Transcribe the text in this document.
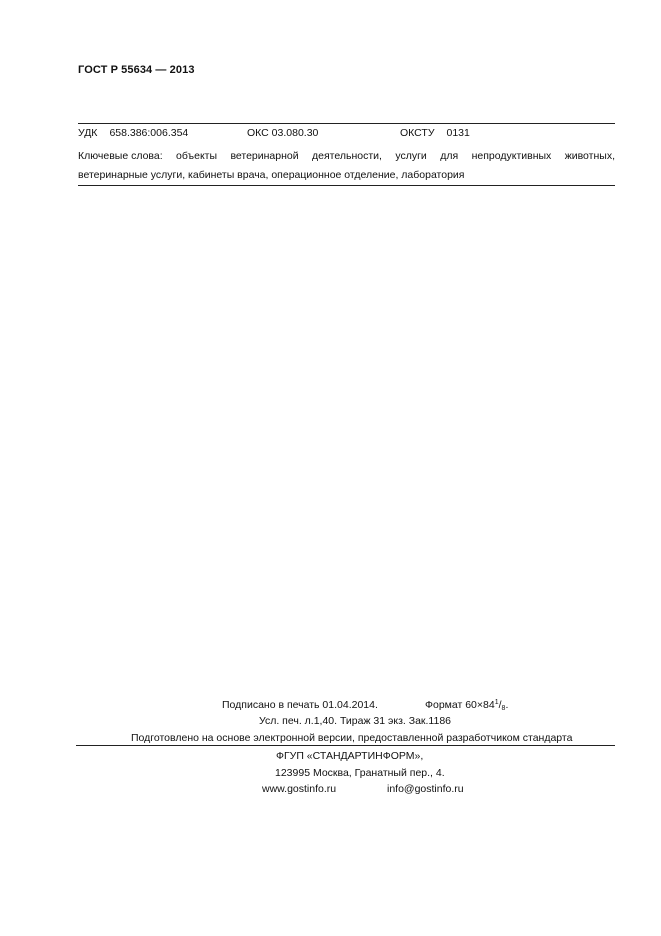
ГОСТ Р 55634 — 2013
УДК 658.386:006.354	ОКС 03.080.30	ОКСТУ 0131
Ключевые слова: объекты ветеринарной деятельности, услуги для непродуктивных животных,
ветеринарные услуги, кабинеты врача, операционное отделение, лаборатория
Подписано в печать 01.04.2014.	Формат $60\times 84^1/_8$.
Усл. печ. л.1,40. Тираж 31 экз. Зак.1186
Подготовлено на основе электронной версии, предоставленной разработчиком стандарта
ФГУП «СТАНДАРТИНФОРМ»,
123995 Москва, Гранатный пер., 4.
www.gostinfo.ru	info@gostinfo.ru
